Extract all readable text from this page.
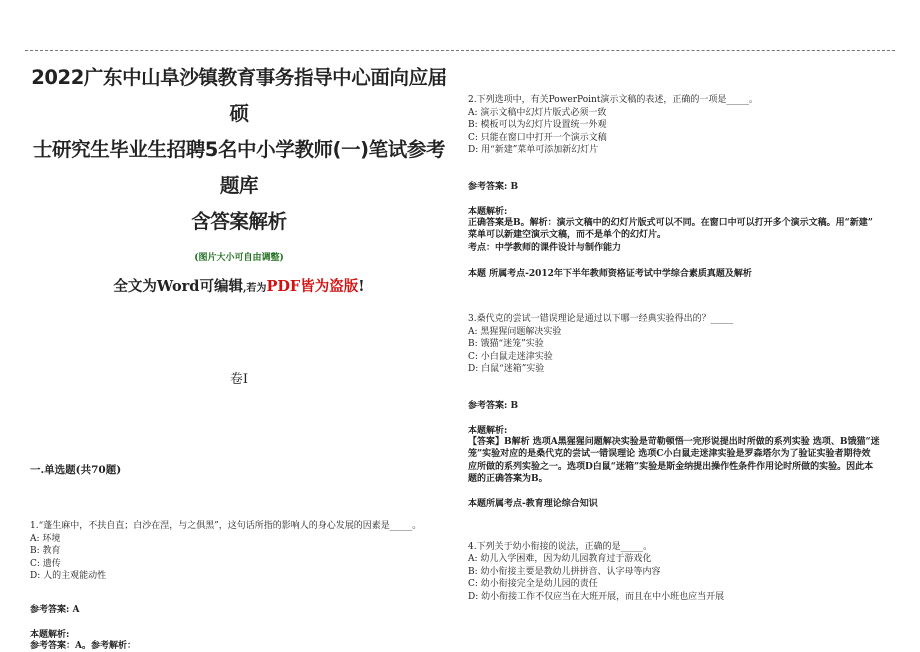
2022广东中山阜沙镇教育事务指导中心面向应届硕
士研究生毕业生招聘5名中小学教师(一)笔试参考题库
含答案解析
(图片大小可自由调整)
全文为Word可编辑,若为PDF皆为盗版!
卷I
一.单选题(共70题)

1.“蓬生麻中，不扶自直；白沙在涅，与之俱黑”，这句话所指的影响人的身心发展的因素是_____。

A: 环境

B: 教育

C: 遗传

D: 人的主观能动性

参考答案: A
本题解析:
参考答案：A。参考解析：

2.下列选项中，有关PowerPoint演示文稿的表述，正确的一项是_____。

A: 演示文稿中幻灯片版式必须一致

B: 模板可以为幻灯片设置统一外观

C: 只能在窗口中打开一个演示文稿

D: 用“新建”菜单可添加新幻灯片

参考答案: B
本题解析:

正确答案是B。解析：演示文稿中的幻灯片版式可以不同。在窗口中可以打开多个演示文稿。用“新建”

菜单可以新建空演示文稿，而不是单个的幻灯片。

考点：中学教师的课件设计与制作能力

本题 所属考点-2012年下半年教师资格证考试中学综合素质真题及解析

3.桑代克的尝试一错误理论是通过以下哪一经典实验得出的？_____

A: 黑猩猩问题解决实验

B: 饿猫“迷笼”实验

C: 小白鼠走迷津实验

D: 白鼠“迷箱”实验

参考答案: B
本题解析:

【答案】B解析 选项A黑猩猩问题解决实验是苛勒顿悟一完形说提出时所做的系列实验 选项、B饿猫“迷

笼”实验对应的是桑代克的尝试一错误理论 选项C小白鼠走迷津实验是罗森塔尔为了验证实验者期待效

应所做的系列实验之一。选项D白鼠“迷箱”实验是斯金纳提出操作性条件作用论时所做的实验。因此本

题的正确答案为B。

本题所属考点-教育理论综合知识

4.下列关于幼小衔接的说法，正确的是_____。

A: 幼儿入学困难，因为幼儿园教育过于游戏化

B: 幼小衔接主要是教幼儿拼拼音、认字母等内容

C: 幼小衔接完全是幼儿园的责任

D: 幼小衔接工作不仅应当在大班开展，而且在中小班也应当开展
